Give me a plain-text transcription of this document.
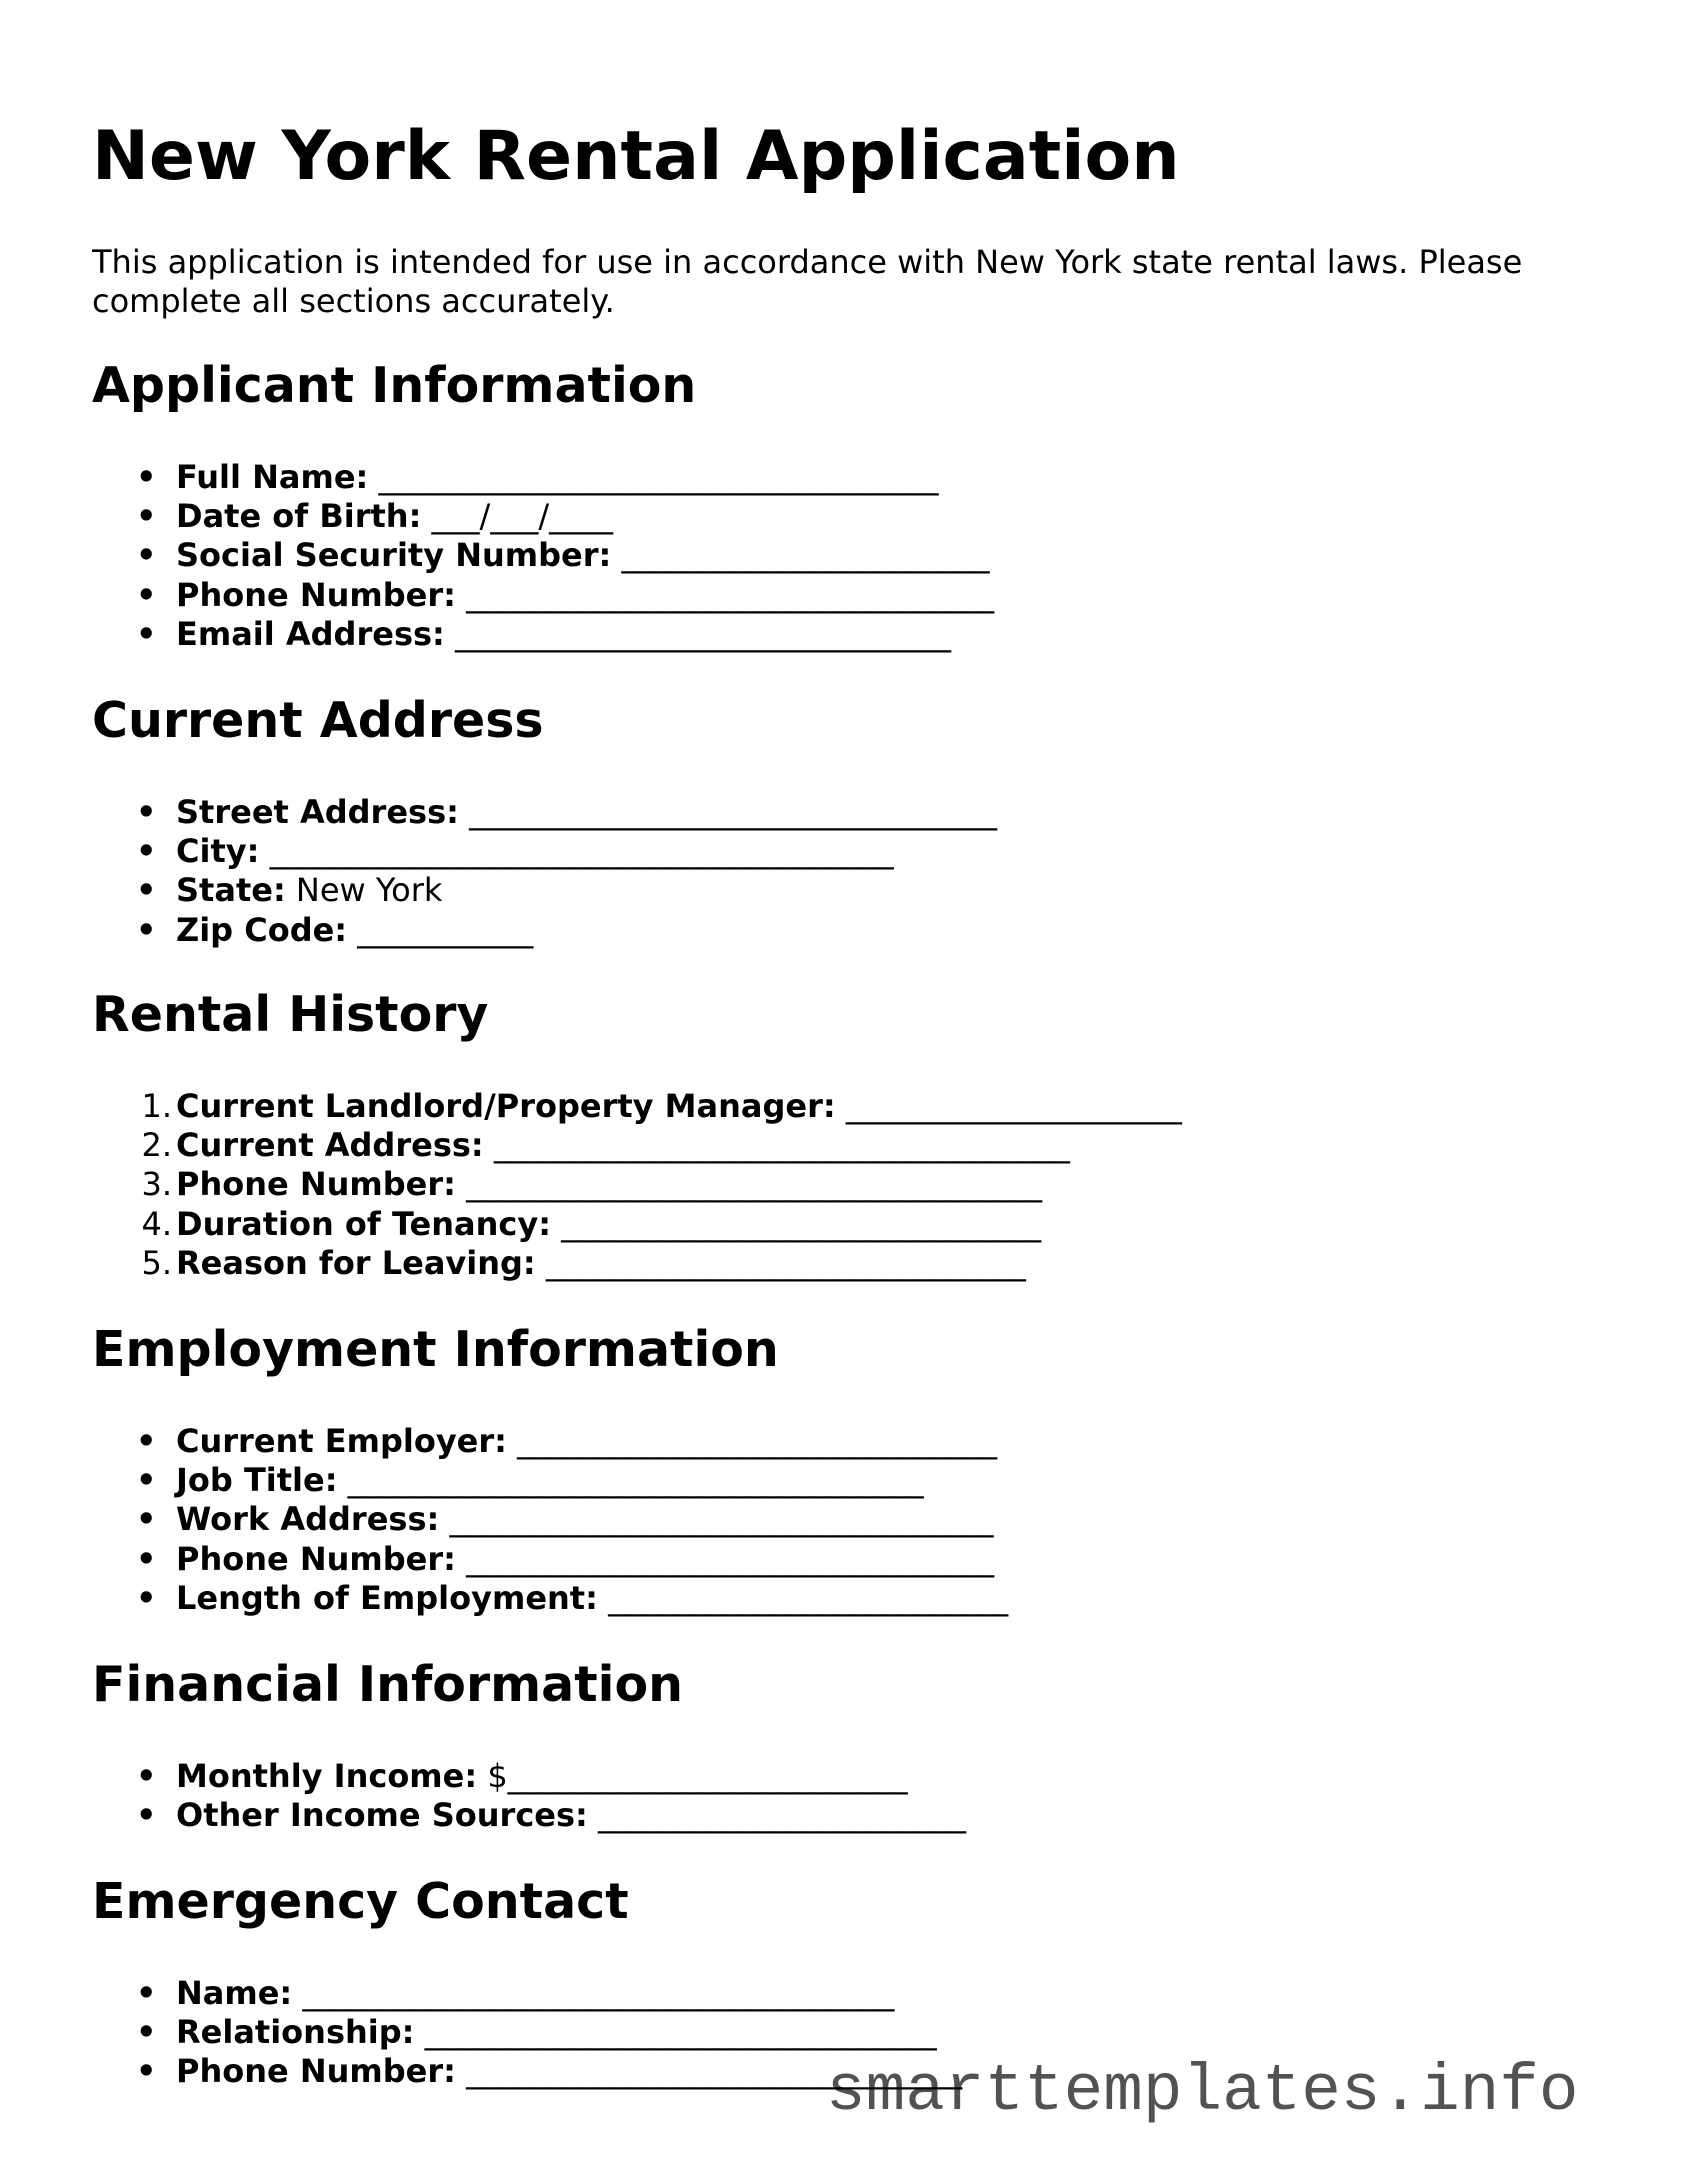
New York Rental Application

This application is intended for use in accordance with New York state rental laws. Please complete all sections accurately.

Applicant Information
• Full Name: ___________________________________
• Date of Birth: ___/___/____
• Social Security Number: _______________________
• Phone Number: _________________________________
• Email Address: _______________________________
Current Address
• Street Address: _________________________________
• City: _______________________________________
• State: New York
• Zip Code: ___________
Rental History
1. Current Landlord/Property Manager: _____________________
2. Current Address: ____________________________________
3. Phone Number: ____________________________________
4. Duration of Tenancy: ______________________________
5. Reason for Leaving: ______________________________
Employment Information
• Current Employer: ______________________________
• Job Title: ____________________________________
• Work Address: __________________________________
• Phone Number: _________________________________
• Length of Employment: _________________________
Financial Information
• Monthly Income: $_________________________
• Other Income Sources: _______________________
Emergency Contact
• Name: _____________________________________
• Relationship: ________________________________
• Phone Number: _______________________________
smarttemplates.info
